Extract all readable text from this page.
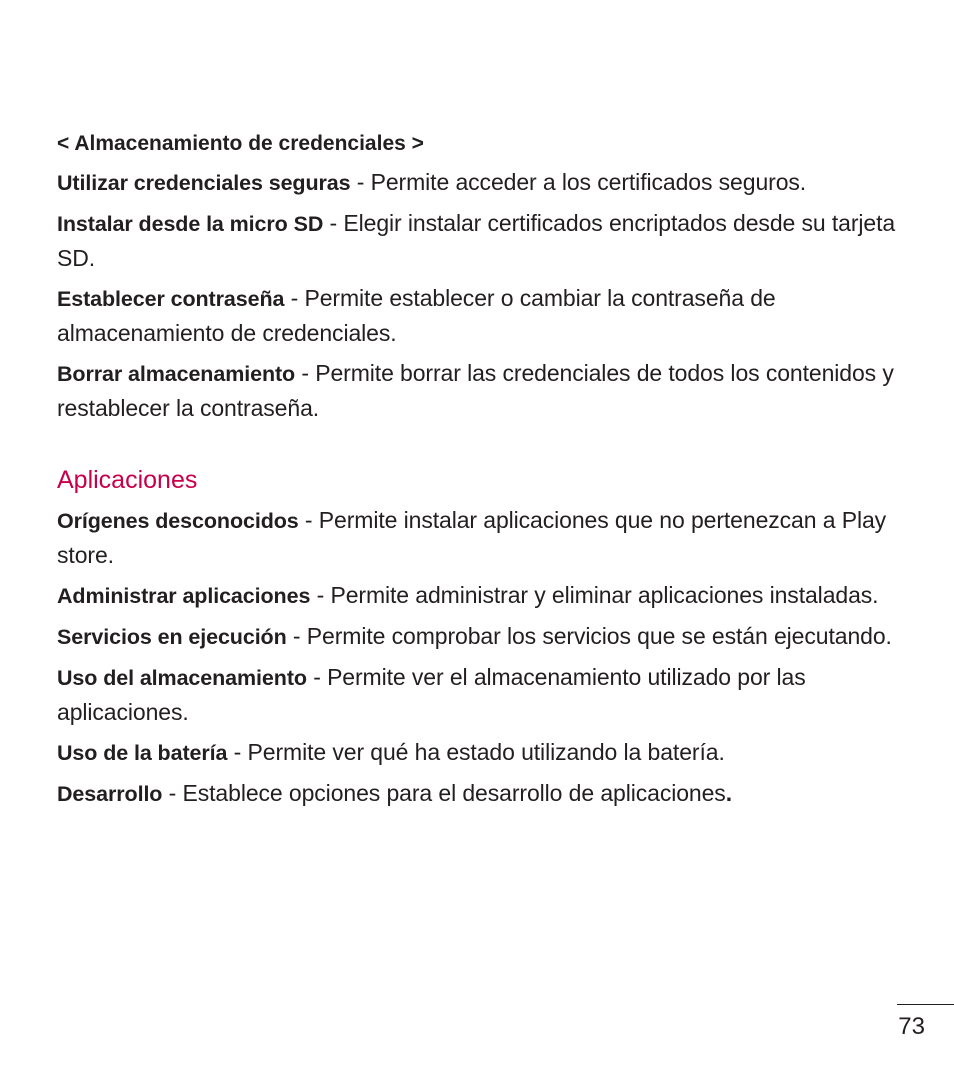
< Almacenamiento de credenciales >

Utilizar credenciales seguras - Permite acceder a los certificados seguros.

Instalar desde la micro SD - Elegir instalar certificados encriptados desde su tarjeta SD.

Establecer contraseña - Permite establecer o cambiar la contraseña de almacenamiento de credenciales.

Borrar almacenamiento - Permite borrar las credenciales de todos los contenidos y restablecer la contraseña.

Aplicaciones

Orígenes desconocidos - Permite instalar aplicaciones que no pertenezcan a Play store.

Administrar aplicaciones - Permite administrar y eliminar aplicaciones instaladas.

Servicios en ejecución - Permite comprobar los servicios que se están ejecutando.

Uso del almacenamiento - Permite ver el almacenamiento utilizado por las aplicaciones.

Uso de la batería - Permite ver qué ha estado utilizando la batería.

Desarrollo - Establece opciones para el desarrollo de aplicaciones.

73
